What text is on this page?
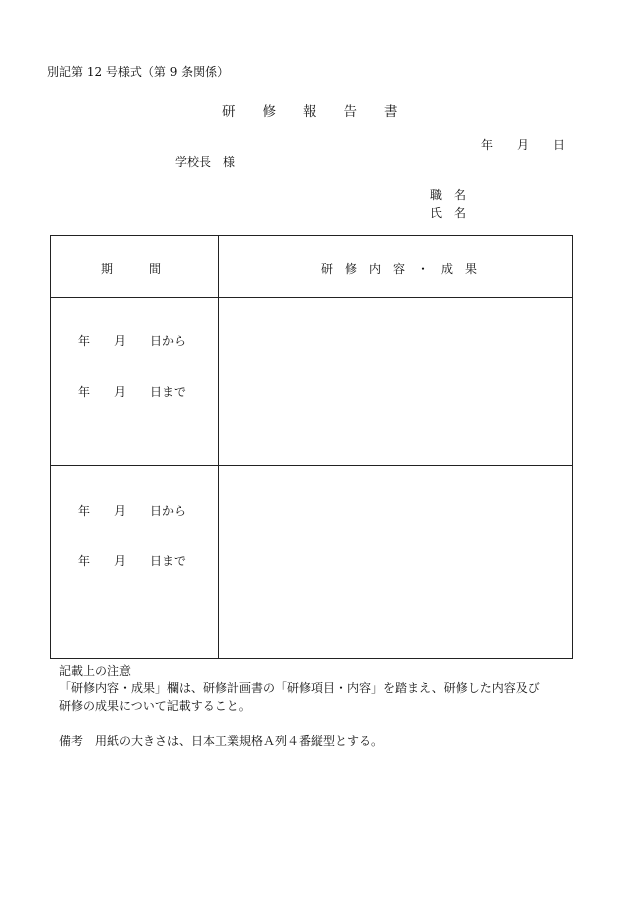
別記第 12 号様式（第 9 条関係）
研　　修　　報　　告　　書
年　　月　　日
学校長　様
職　名
氏　名
期　　　間	研　修　内　容　・　成　果
年　　月　　日から
年　　月　　日まで
年　　月　　日から
年　　月　　日まで
記載上の注意
「研修内容・成果」欄は、研修計画書の「研修項目・内容」を踏まえ、研修した内容及び
研修の成果について記載すること。
備考　用紙の大きさは、日本工業規格Ａ列４番縦型とする。
